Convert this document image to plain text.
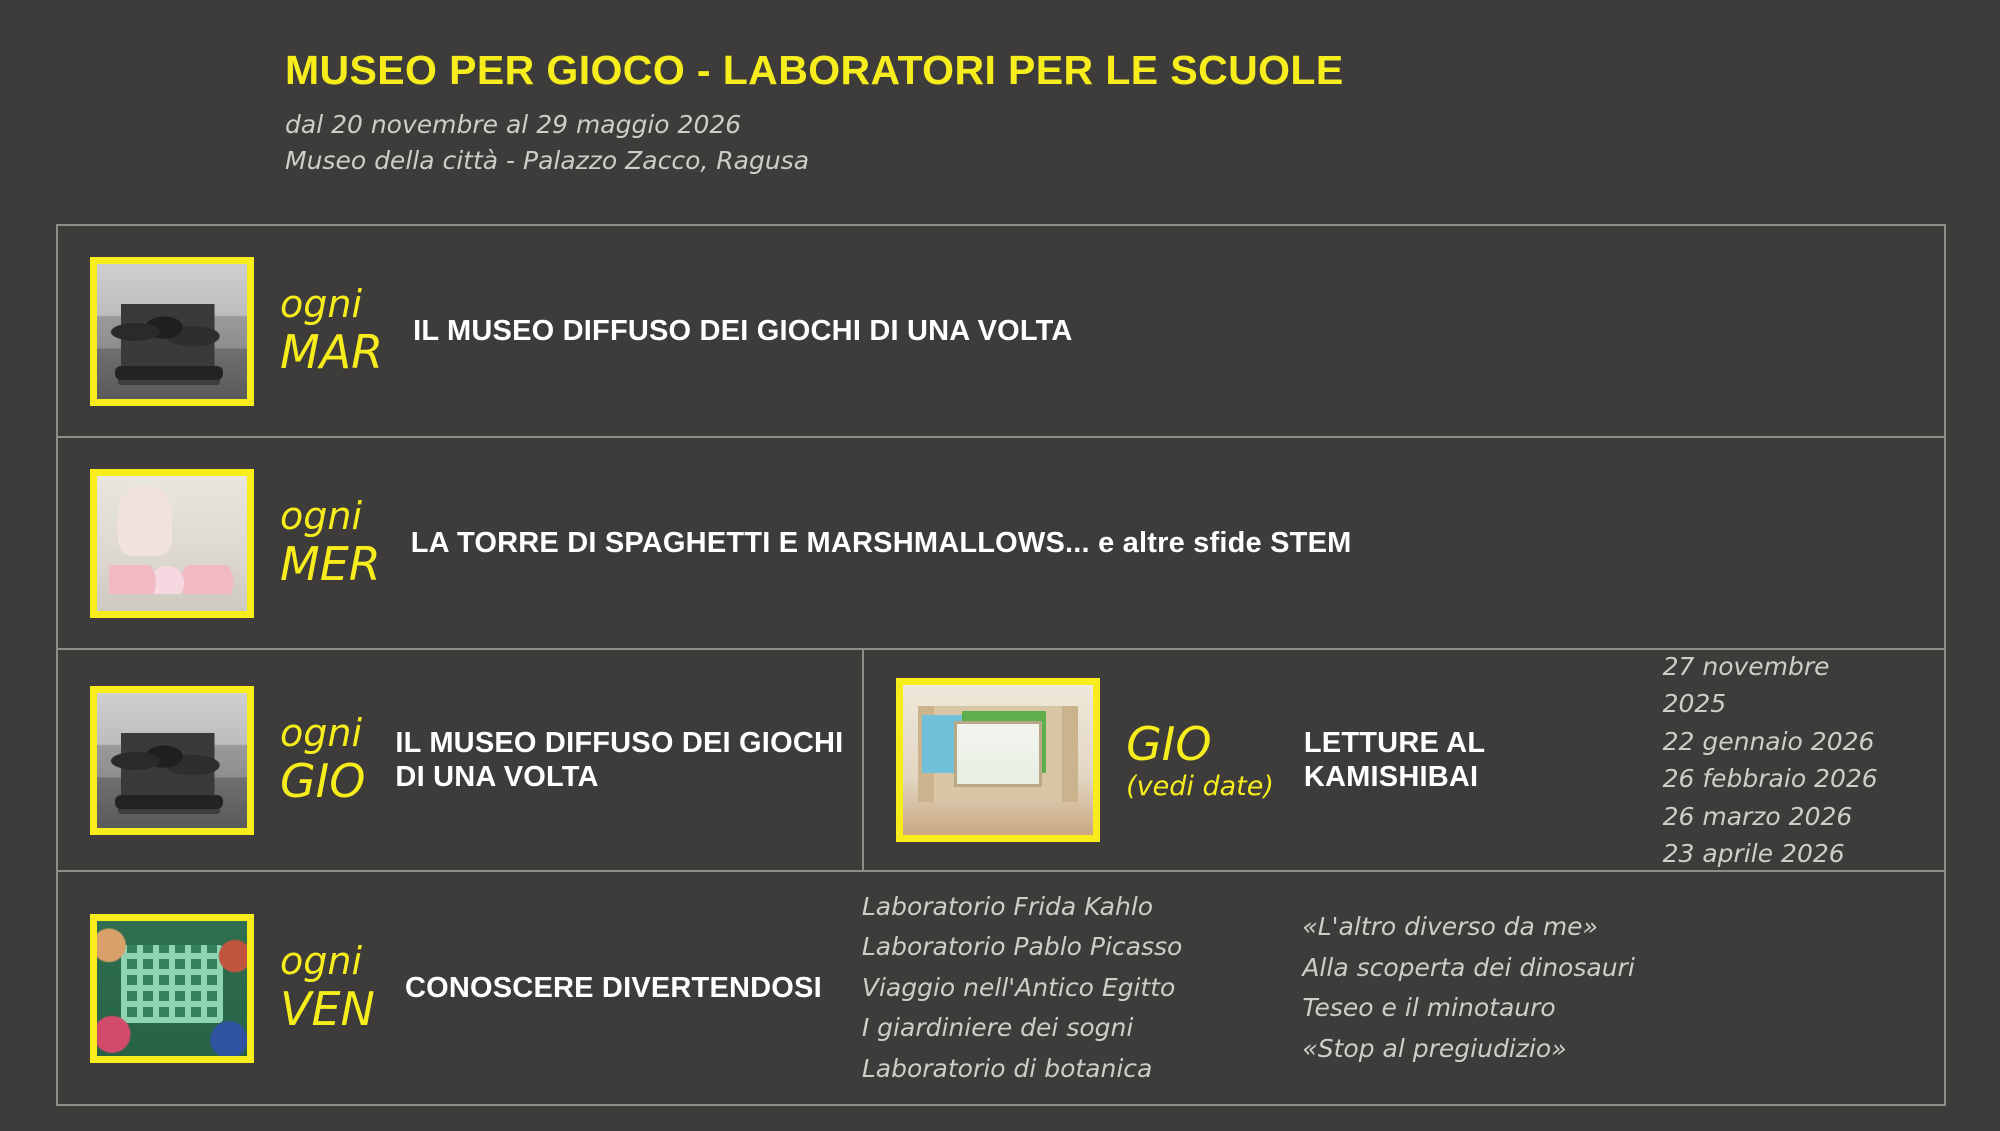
MUSEO PER GIOCO - LABORATORI PER LE SCUOLE
dal 20 novembre al 29 maggio 2026
Museo della città - Palazzo Zacco, Ragusa
ogni
MAR IL MUSEO DIFFUSO DEI GIOCHI DI UNA VOLTA
ogni
MER LA TORRE DI SPAGHETTI E MARSHMALLOWS... e altre sfide STEM
ogni
GIO
IL MUSEO DIFFUSO DEI GIOCHI DI UNA VOLTA
GIO
(vedi date)
LETTURE AL KAMISHIBAI
27 novembre 2025
22 gennaio 2026
26 febbraio 2026
26 marzo 2026
23 aprile 2026
ogni
VEN CONOSCERE DIVERTENDOSI
Laboratorio Frida Kahlo
Laboratorio Pablo Picasso
Viaggio nell'Antico Egitto
I giardiniere dei sogni
Laboratorio di botanica
«L'altro diverso da me»
Alla scoperta dei dinosauri
Teseo e il minotauro
«Stop al pregiudizio»
